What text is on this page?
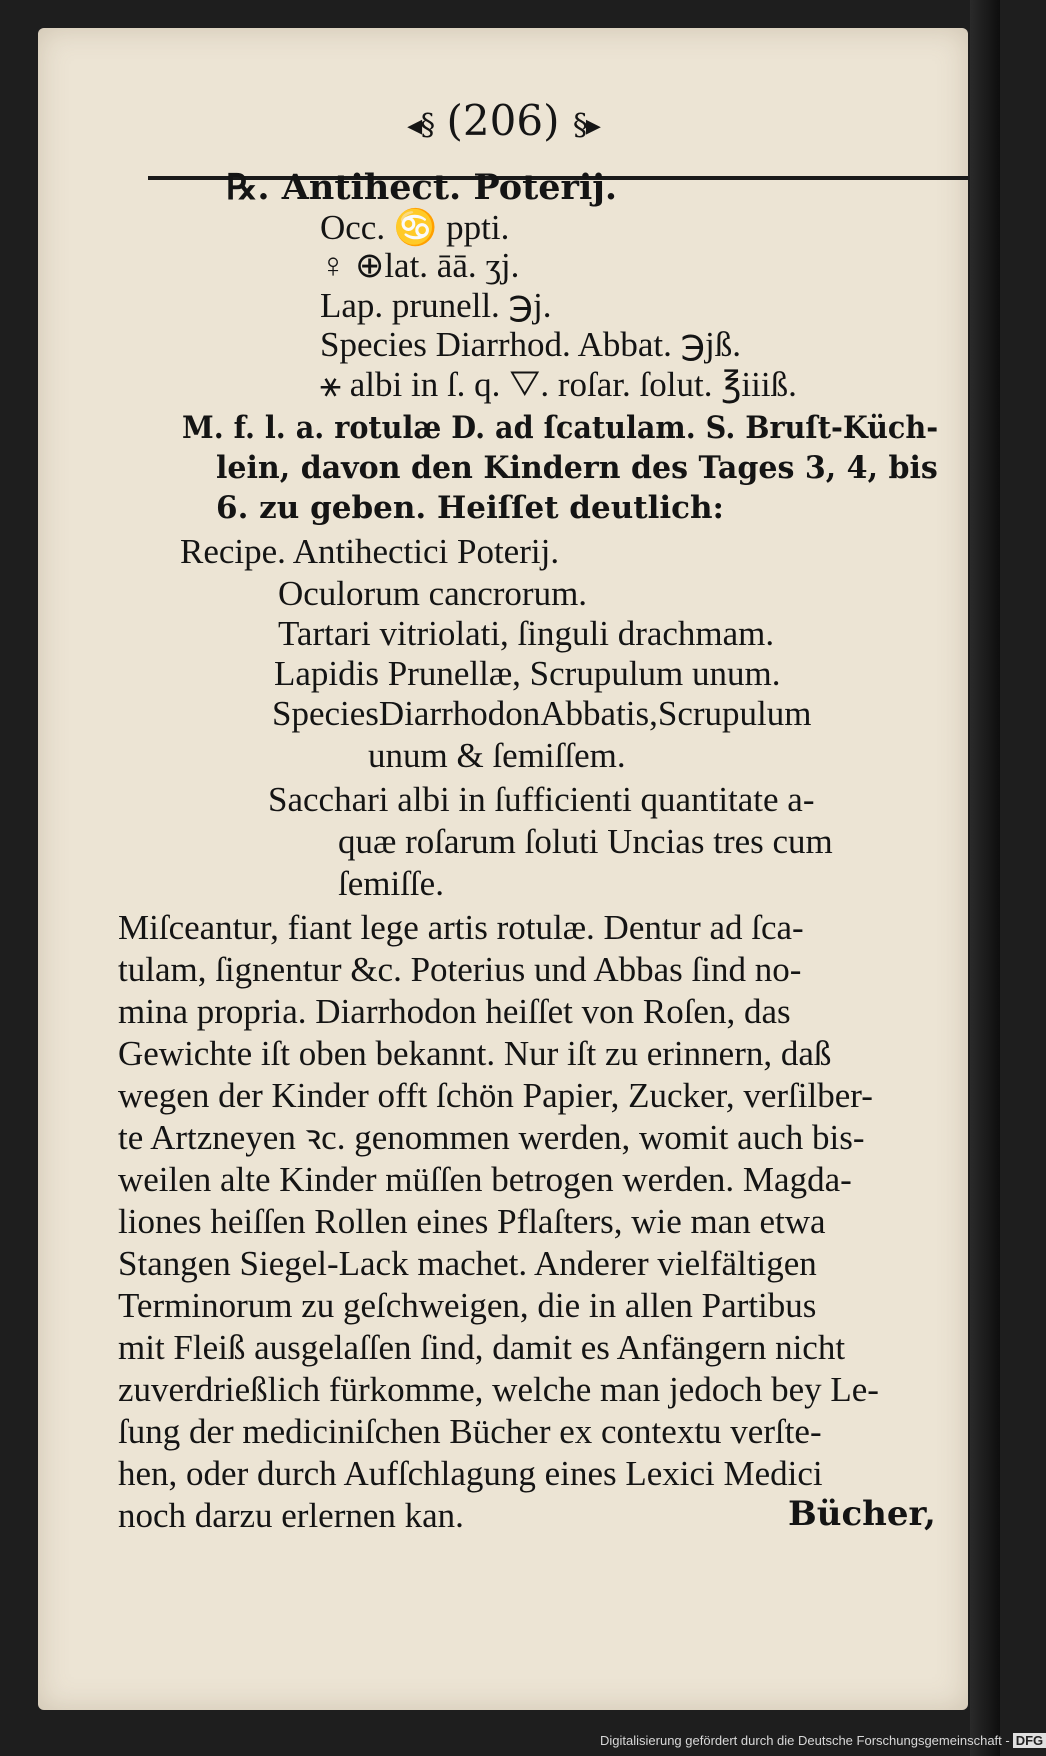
◂§ (206) §▸
℞. Antihect. Poterij.
Occ. ♋ ppti.
♀ ⊕lat. āā. ʒj.
Lap. prunell. ℈j.
Species Diarrhod. Abbat. ℈jß.
⚹ albi in ſ. q. ▽. roſar. ſolut. ℥iiiß.
M. f. l. a. rotulæ D. ad ſcatulam. S. Bruſt-Küch-
lein, davon den Kindern des Tages 3, 4, bis
6. zu geben. Heiſſet deutlich:
Recipe. Antihectici Poterij.
Oculorum cancrorum.
Tartari vitriolati, ſinguli drachmam.
Lapidis Prunellæ, Scrupulum unum.
SpeciesDiarrhodonAbbatis,Scrupulum
unum & ſemiſſem.
Sacchari albi in ſufficienti quantitate a-
quæ roſarum ſoluti Uncias tres cum
ſemiſſe.
Miſceantur, fiant lege artis rotulæ. Dentur ad ſca-
tulam, ſignentur &c. Poterius und Abbas ſind no-
mina propria. Diarrhodon heiſſet von Roſen, das
Gewichte iſt oben bekannt. Nur iſt zu erinnern, daß
wegen der Kinder offt ſchön Papier, Zucker, verſilber-
te Artzneyen ꝛc. genommen werden, womit auch bis-
weilen alte Kinder müſſen betrogen werden. Magda-
liones heiſſen Rollen eines Pflaſters, wie man etwa
Stangen Siegel-Lack machet. Anderer vielfältigen
Terminorum zu geſchweigen, die in allen Partibus
mit Fleiß ausgelaſſen ſind, damit es Anfängern nicht
zuverdrießlich fürkomme, welche man jedoch bey Le-
ſung der mediciniſchen Bücher ex contextu verſte-
hen, oder durch Aufſchlagung eines Lexici Medici
noch darzu erlernen kan.	Bücher,
Digitalisierung gefördert durch die Deutsche Forschungsgemeinschaft - DFG
